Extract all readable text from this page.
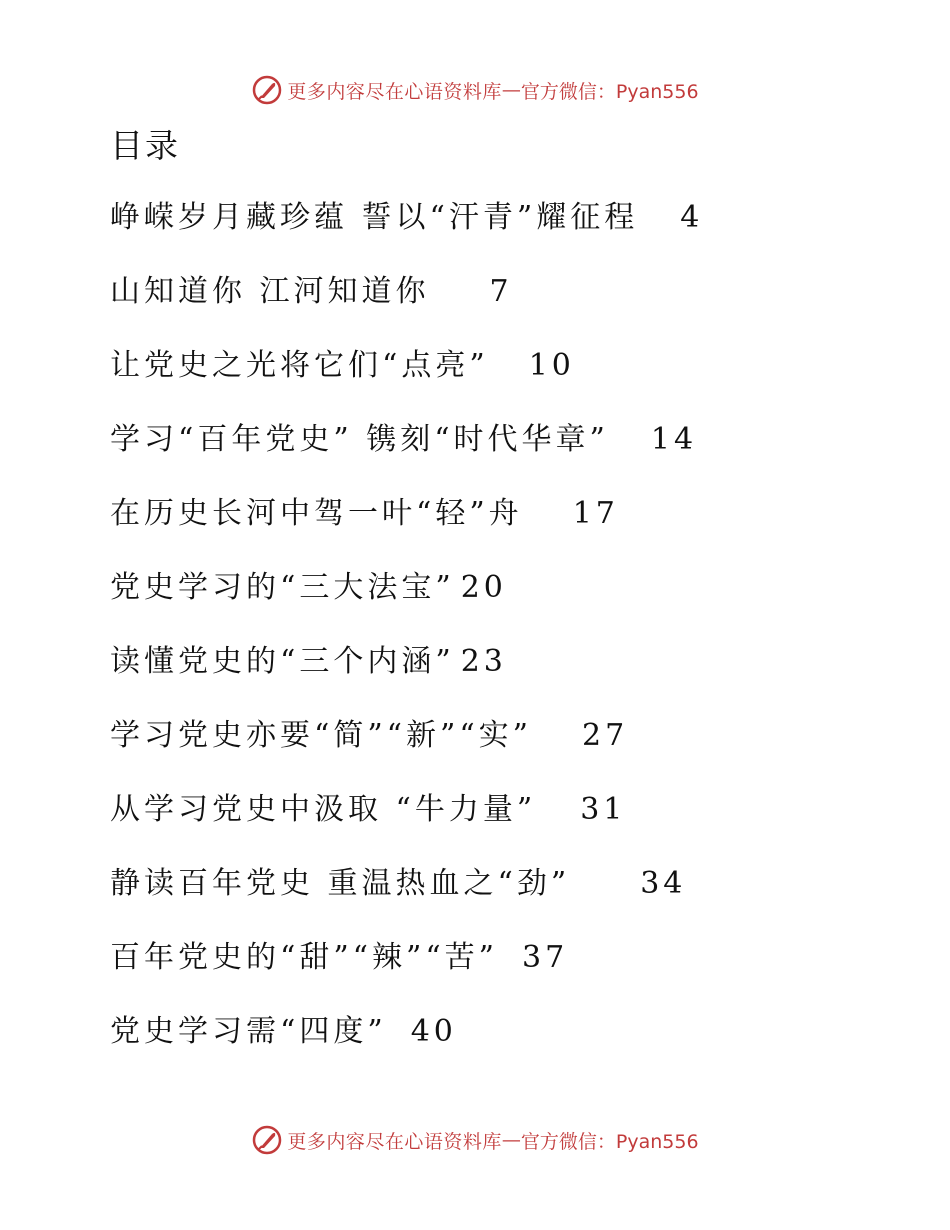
更多内容尽在心语资料库 — 官方微信：Pyan556
目录
峥嵘岁月藏珍蕴 誓以“汗青”耀征程 4
山知道你 江河知道你 7
让党史之光将它们“点亮” 10
学习“百年党史” 镌刻“时代华章” 14
在历史长河中驾一叶“轻”舟 17
党史学习的“三大法宝” 20
读懂党史的“三个内涵” 23
学习党史亦要“简”“新”“实” 27
从学习党史中汲取 “牛力量” 31
静读百年党史 重温热血之“劲” 34
百年党史的“甜”“辣”“苦” 37
党史学习需“四度” 40
更多内容尽在心语资料库 — 官方微信：Pyan556
